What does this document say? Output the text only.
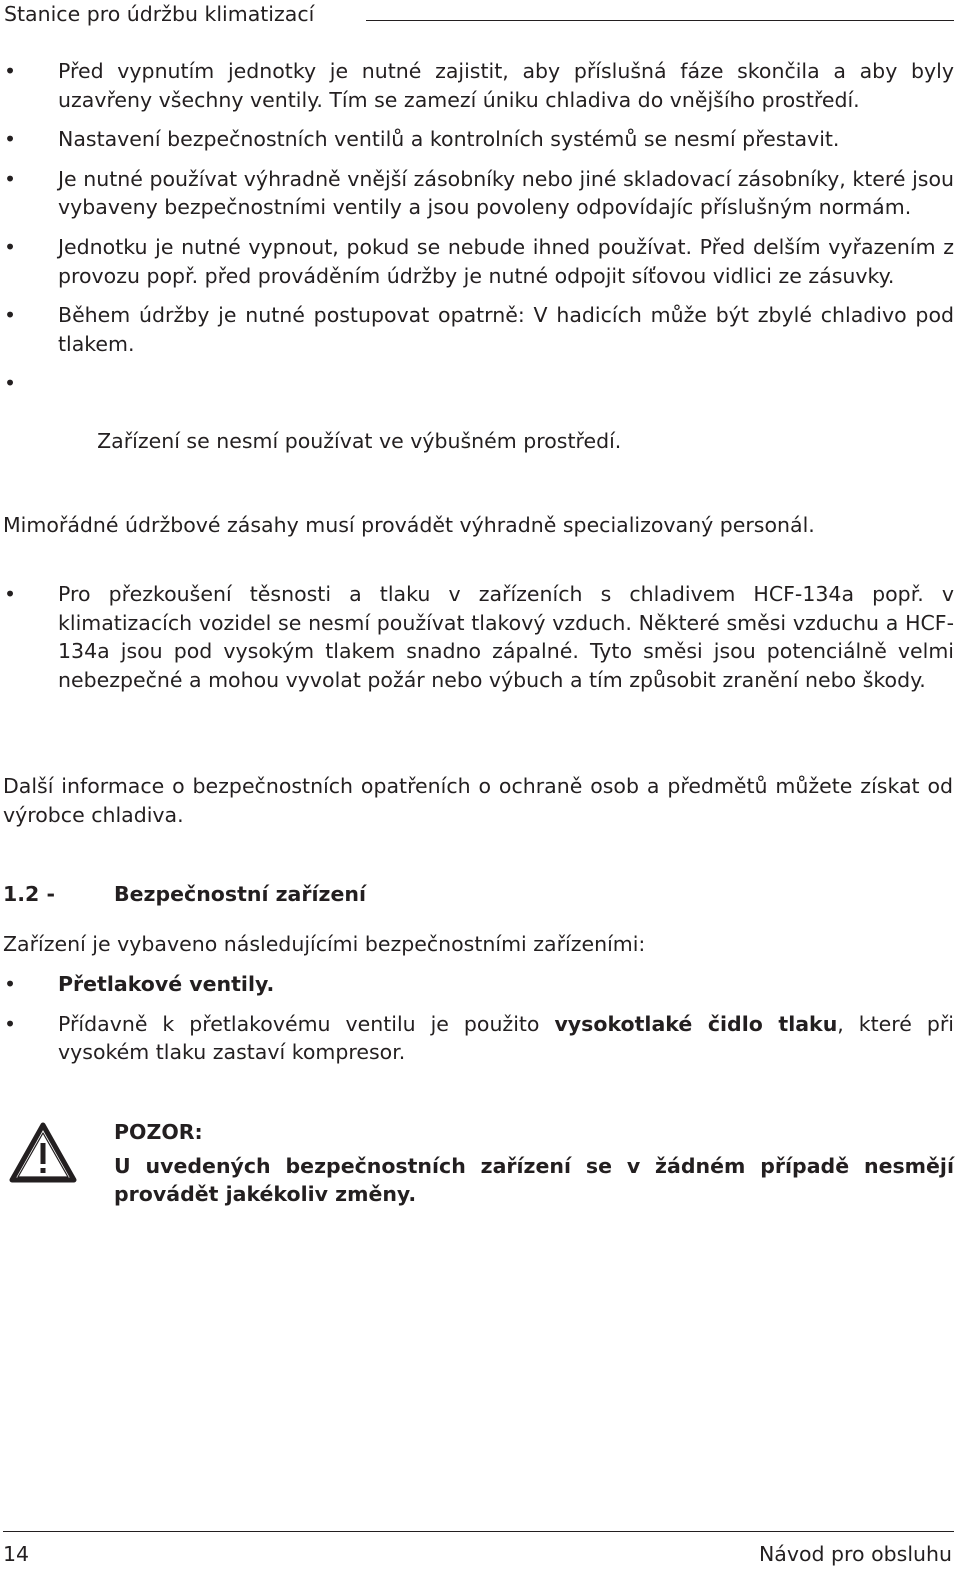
Stanice pro údržbu klimatizací
• Před vypnutím jednotky je nutné zajistit, aby příslušná fáze skončila a aby byly uzavřeny všechny ventily. Tím se zamezí úniku chladiva do vnějšího prostředí.
• Nastavení bezpečnostních ventilů a kontrolních systémů se nesmí přestavit.
• Je nutné používat výhradně vnější zásobníky nebo jiné skladovací zásobníky, které jsou vybaveny bezpečnostními ventily a jsou povoleny odpovídajíc příslušným normám.
• Jednotku je nutné vypnout, pokud se nebude ihned používat. Před delším vyřazením z provozu popř. před prováděním údržby je nutné odpojit síťovou vidlici ze zásuvky.
• Během údržby je nutné postupovat opatrně: V hadicích může být zbylé chladivo pod tlakem.

•

Zařízení se nesmí používat ve výbušném prostředí.

Mimořádné údržbové zásahy musí provádět výhradně specializovaný personál.

• Pro přezkoušení těsnosti a tlaku v zařízeních s chladivem HCF-134a popř. v klimatizacích vozidel se nesmí používat tlakový vzduch. Některé směsi vzduchu a HCF-134a jsou pod vysokým tlakem snadno zápalné. Tyto směsi jsou potenciálně velmi nebezpečné a mohou vyvolat požár nebo výbuch a tím způsobit zranění nebo škody.

Další informace o bezpečnostních opatřeních o ochraně osob a předmětů můžete získat od výrobce chladiva.

1.2 -	Bezpečnostní zařízení

Zařízení je vybaveno následujícími bezpečnostními zařízeními:

• Přetlakové ventily.
• Přídavně k přetlakovému ventilu je použito vysokotlaké čidlo tlaku, které při vysokém tlaku zastaví kompresor.
POZOR:
U uvedených bezpečnostních zařízení se v žádném případě nesmějí provádět jakékoliv změny.
14	Návod pro obsluhu
